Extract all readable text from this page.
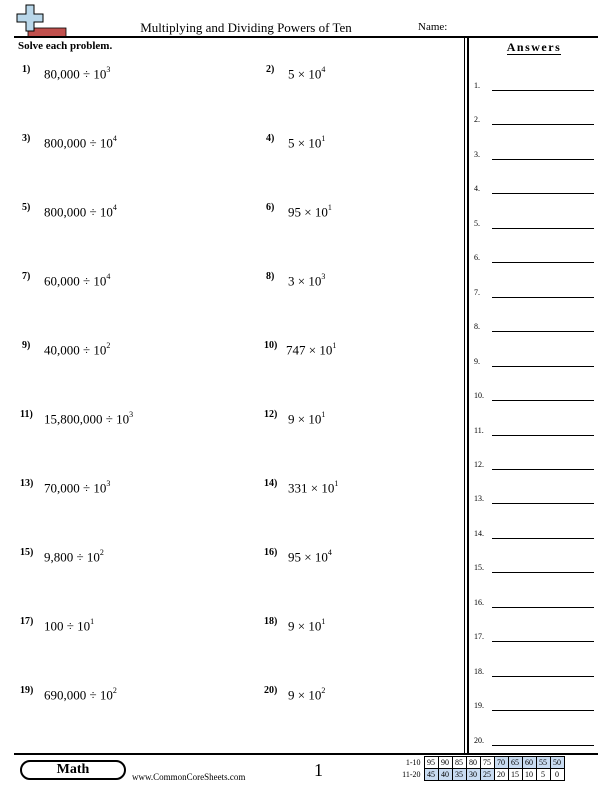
Multiplying and Dividing Powers of Ten	Name:
Solve each problem.
1) $80,000 \div 10^3$	2) $5 \times 10^4$
3) $800,000 \div 10^4$	4) $5 \times 10^1$
5) $800,000 \div 10^4$	6) $95 \times 10^1$
7) $60,000 \div 10^4$	8) $3 \times 10^3$
9) $40,000 \div 10^2$	10) $747 \times 10^1$
11) $15,800,000 \div 10^3$	12) $9 \times 10^1$
13) $70,000 \div 10^3$	14) $331 \times 10^1$
15) $9,800 \div 10^2$	16) $95 \times 10^4$
17) $100 \div 10^1$	18) $9 \times 10^1$
19) $690,000 \div 10^2$	20) $9 \times 10^2$
Answers
1.
2.
3.
4.
5.
6.
7.
8.
9.
10.
11.
12.
13.
14.
15.
16.
17.
18.
19.
20.
Math	www.CommonCoreSheets.com	1	1-10	95	90	85	80	75	70	65	60	55	50
11-20	45	40	35	30	25	20	15	10	5	0
